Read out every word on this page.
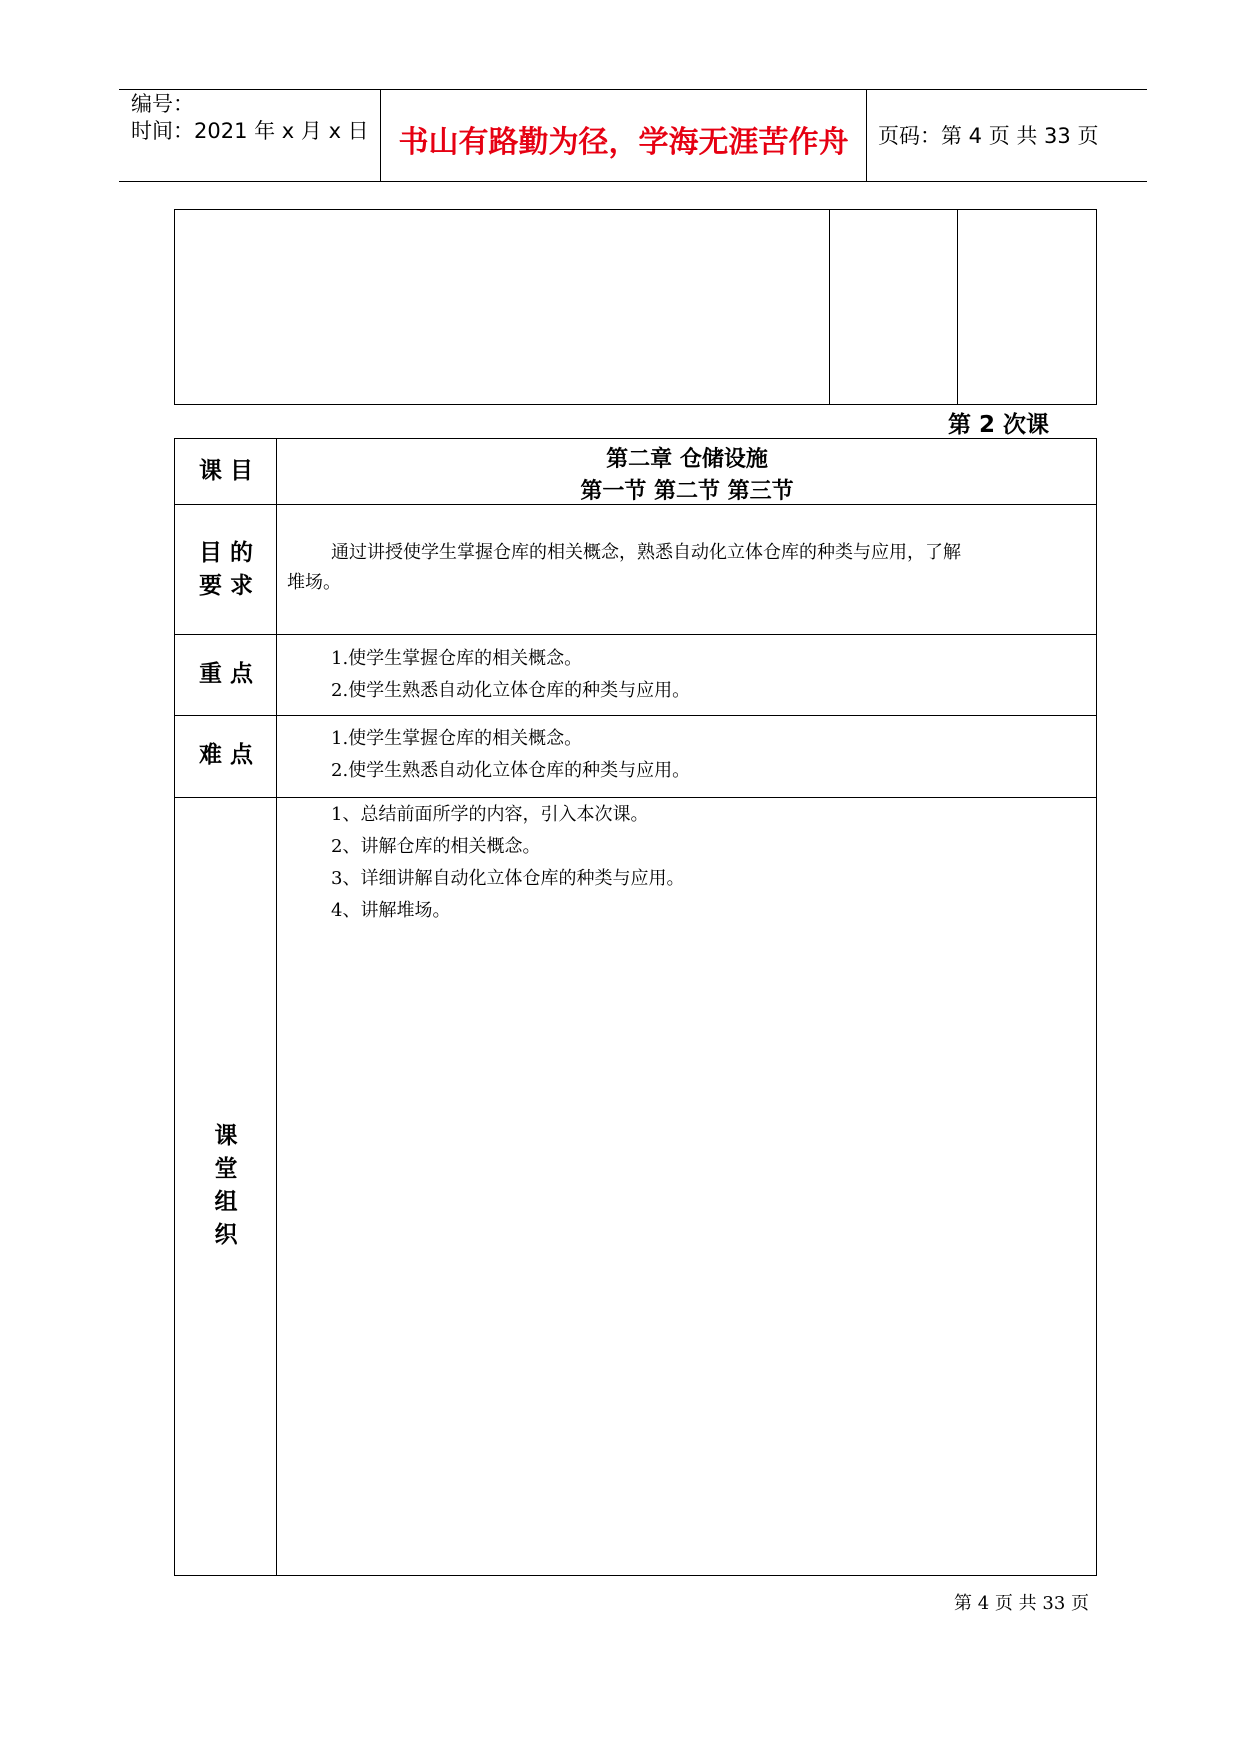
编号：
时间：2021 年 x 月 x 日 书山有路勤为径，学海无涯苦作舟	页码：第 4 页 共 33 页
第 2 次课
课 目	第二章 仓储设施
第一节 第二节 第三节
目 的
要 求
通过讲授使学生掌握仓库的相关概念，熟悉自动化立体仓库的种类与应用，了解
堆场。
重 点
1.使学生掌握仓库的相关概念。
2.使学生熟悉自动化立体仓库的种类与应用。
难 点
1.使学生掌握仓库的相关概念。
2.使学生熟悉自动化立体仓库的种类与应用。
课
堂
组
织
1、总结前面所学的内容，引入本次课。
2、讲解仓库的相关概念。
3、详细讲解自动化立体仓库的种类与应用。
4、讲解堆场。
第 4 页 共 33 页
